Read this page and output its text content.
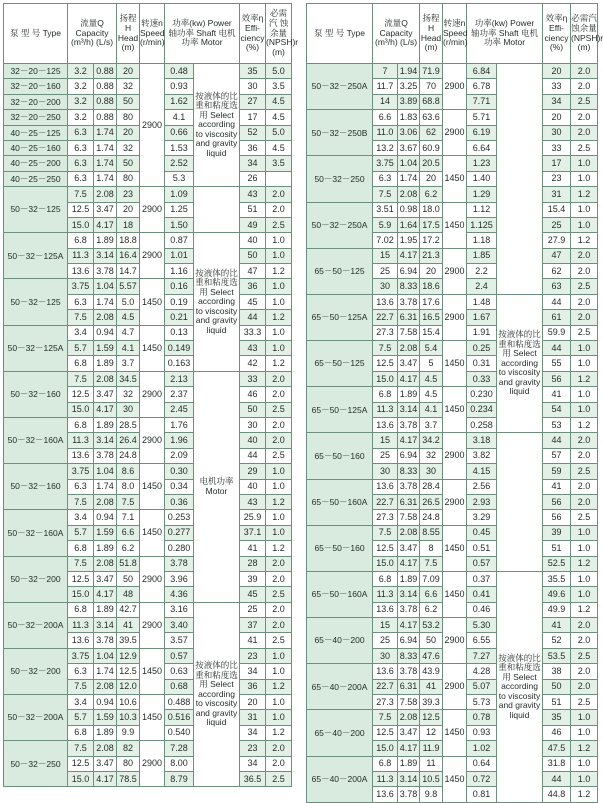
泵 型 号 Type	流量Q Capacity
(m³/h) (L/s)		扬程H Head (m)	转速n Speed (r/min)	功率(kw) Power
轴功率 Shaft 电机功率 Motor		效率η Effi- ciency (%)	必需汽 蚀余量 (NPSH)r (m)
32－20－125	3.2	0.88	20	2900	0.48	按液体的比重和粘度选用 Select according to viscosity and gravity liquid	35	5.0
32－20－160	3.2	0.88	32		0.93		30	3.5
32－20－200	3.2	0.88	50		1.62		27	4.5
32－20－250	3.2	0.88	80		4.1		17	4.5
40－25－125	6.3	1.74	20		0.66		52	5.0
40－25－160	6.3	1.74	32		1.53		36	4.5
40－25－200	6.3	1.74	50		2.52		34	3.5
40－25－250	6.3	1.74	80		5.3		26	
50－32－125	7.5	2.08	23	2900	1.09		43	2.0
	12.5	3.47	20		1.25		51	2.0
	15.0	4.17	18		1.50		49	2.5
50－32－125A	6.8	1.89	18.8	2900	0.87	按液体的比重和粘度选用 Select according to viscosity and gravity liquid	40	1.0
	11.3	3.14	16.4		1.01		50	1.0
	13.6	3.78	14.7		1.16		47	1.2
50－32－125	3.75	1.04	5.57	1450	0.16		36	1.0
	6.3	1.74	5.0		0.19		45	1.0
	7.5	2.08	4.5		0.21		44	1.2
50－32－125A	3.4	0.94	4.7	1450	0.13		33.3	1.0
	5.7	1.59	4.1		0.149		43	1.0
	6.8	1.89	3.7		0.163		42	1.2
50－32－160	7.5	2.08	34.5	2900	2.13	电机功率 Motor	33	2.0
	12.5	3.47	32		2.37		46	2.0
	15.0	4.17	30		2.45		50	2.5
50－32－160A	6.8	1.89	28.5	2900	1.76		30	2.0
	11.3	3.14	26.4		1.96		40	2.0
	13.6	3.78	24.8		2.09		44	2.5
50－32－160	3.75	1.04	8.6	1450	0.30		29	1.0
	6.3	1.74	8.0		0.34		40	1.0
	7.5	2.08	7.5		0.36		43	1.2
50－32－160A	3.4	0.94	7.1	1450	0.253		25.9	1.0
	5.7	1.59	6.6		0.277		37.1	1.0
	6.8	1.89	6.2		0.280		41	1.2
50－32－200	7.5	2.08	51.8	2900	3.78		28	2.0
	12.5	3.47	50		3.96		39	2.0
	15.0	4.17	48		4.36		45	2.5
50－32－200A	6.8	1.89	42.7	2900	3.16	按液体的比重和粘度选用 Select according to viscosity and gravity liquid	25	2.0
	11.3	3.14	41		3.40		37	2.0
	13.6	3.78	39.5		3.57		41	2.5
50－32－200	3.75	1.04	12.9	1450	0.57		23	1.0
	6.3	1.74	12.5		0.63		34	1.0
	7.5	2.08	12.0		0.68		36	1.2
50－32－200A	3.4	0.94	10.6	1450	0.488		20	1.0
	5.7	1.59	10.3		0.516		31	1.0
	6.8	1.89	9.9		0.540		34	1.2
50－32－250	7.5	2.08	82	2900	7.28		23	2.0
	12.5	3.47	80		8.00		34	2.0
	15.0	4.17	78.5		8.79		36.5	2.5
泵 型 号 Type	流量Q Capacity
(m³/h) (L/s)		扬程H Head (m)	转速n Speed (r/min)	功率(kw) Power
轴功率 Shaft 电机功率 Motor		效率η Effi- ciency (%)	必需汽 蚀余量 (NPSH)r (m)
50－32－250A	7	1.94	71.9	2900	6.84		20	2.0
	11.7	3.25	70		6.78		33	2.0
	14	3.89	68.8		7.71		34	2.5
50－32－250B	6.6	1.83	63.6	2900	5.71		20	2.0
	11.0	3.06	62		6.19		30	2.0
	13.2	3.67	60.9		6.64		33	2.5
50－32－250	3.75	1.04	20.5	1450	1.23		17	1.0
	6.3	1.74	20		1.40		23	1.0
	7.5	2.08	6.2		1.29		31	1.2
50－32－250A	3.51	0.98	18.0	1450	1.12		15.4	1.0
	5.9	1.64	17.5		1.125		25	1.0
	7.02	1.95	17.2		1.18		27.9	1.2
65－50－125	15	4.17	21.3	2900	1.85		47	2.0
	25	6.94	20		2.2		62	2.0
	30	8.33	18.6		2.4		63	2.5
65－50－125A	13.6	3.78	17.6	2900	1.48	按液体的比重和粘度选用 Select according to viscosity and gravity liquid	44	2.0
	22.7	6.31	16.5		1.67		61	2.0
	27.3	7.58	15.4		1.91		59.9	2.5
65－50－125	7.5	2.08	5.4	1450	0.25		44	1.0
	12.5	3.47	5		0.31		55	1.0
	15.0	4.17	4.5		0.33		56	1.2
65－50－125A	6.8	1.89	4.5	1450	0.230		41	1.0
	11.3	3.14	4.1		0.234		54	1.0
	13.6	3.78	3.7		0.258		53	1.2
65－50－160	15	4.17	34.2	2900	3.18		44	2.0
	25	6.94	32		3.82		57	2.0
	30	8.33	30		4.15		59	2.5
65－50－160A	13.6	3.78	28.4	2900	2.56		41	2.0
	22.7	6.31	26.5		2.93		56	2.0
	27.3	7.58	24.8		3.29		56	2.5
65－50－160	7.5	2.08	8.55	1450	0.45		39	1.0
	12.5	3.47	8		0.51		51	1.0
	15.0	4.17	7.5		0.57		52.5	1.2
65－50－160A	6.8	1.89	7.09	1450	0.37	按液体的比重和粘度选用 Select according to viscosity and gravity liquid	35.5	1.0
	11.3	3.14	6.6		0.41		49.6	1.0
	13.6	3.78	6.2		0.46		49.9	1.2
65－40－200	15	4.17	53.2	2900	5.30		41	2.0
	25	6.94	50		6.55		52	2.0
	30	8.33	47.6		7.27		53.5	2.5
65－40－200A	13.6	3.78	43.9	2900	4.28		38	2.0
	22.7	6.31	41		5.07		50	2.0
	27.3	7.58	39.3		5.73		51	2.5
65－40－200	7.5	2.08	12.5	1450	0.78		35	1.0
	12.5	3.47	12		0.93		46	1.0
	15.0	4.17	11.9		1.02		47.5	1.2
65－40－200A	6.8	1.89	11	1450	0.64		31.8	1.0
	11.3	3.14	10.5		0.72		44	1.0
	13.6	3.78	9.8		0.81		44.8	1.2
